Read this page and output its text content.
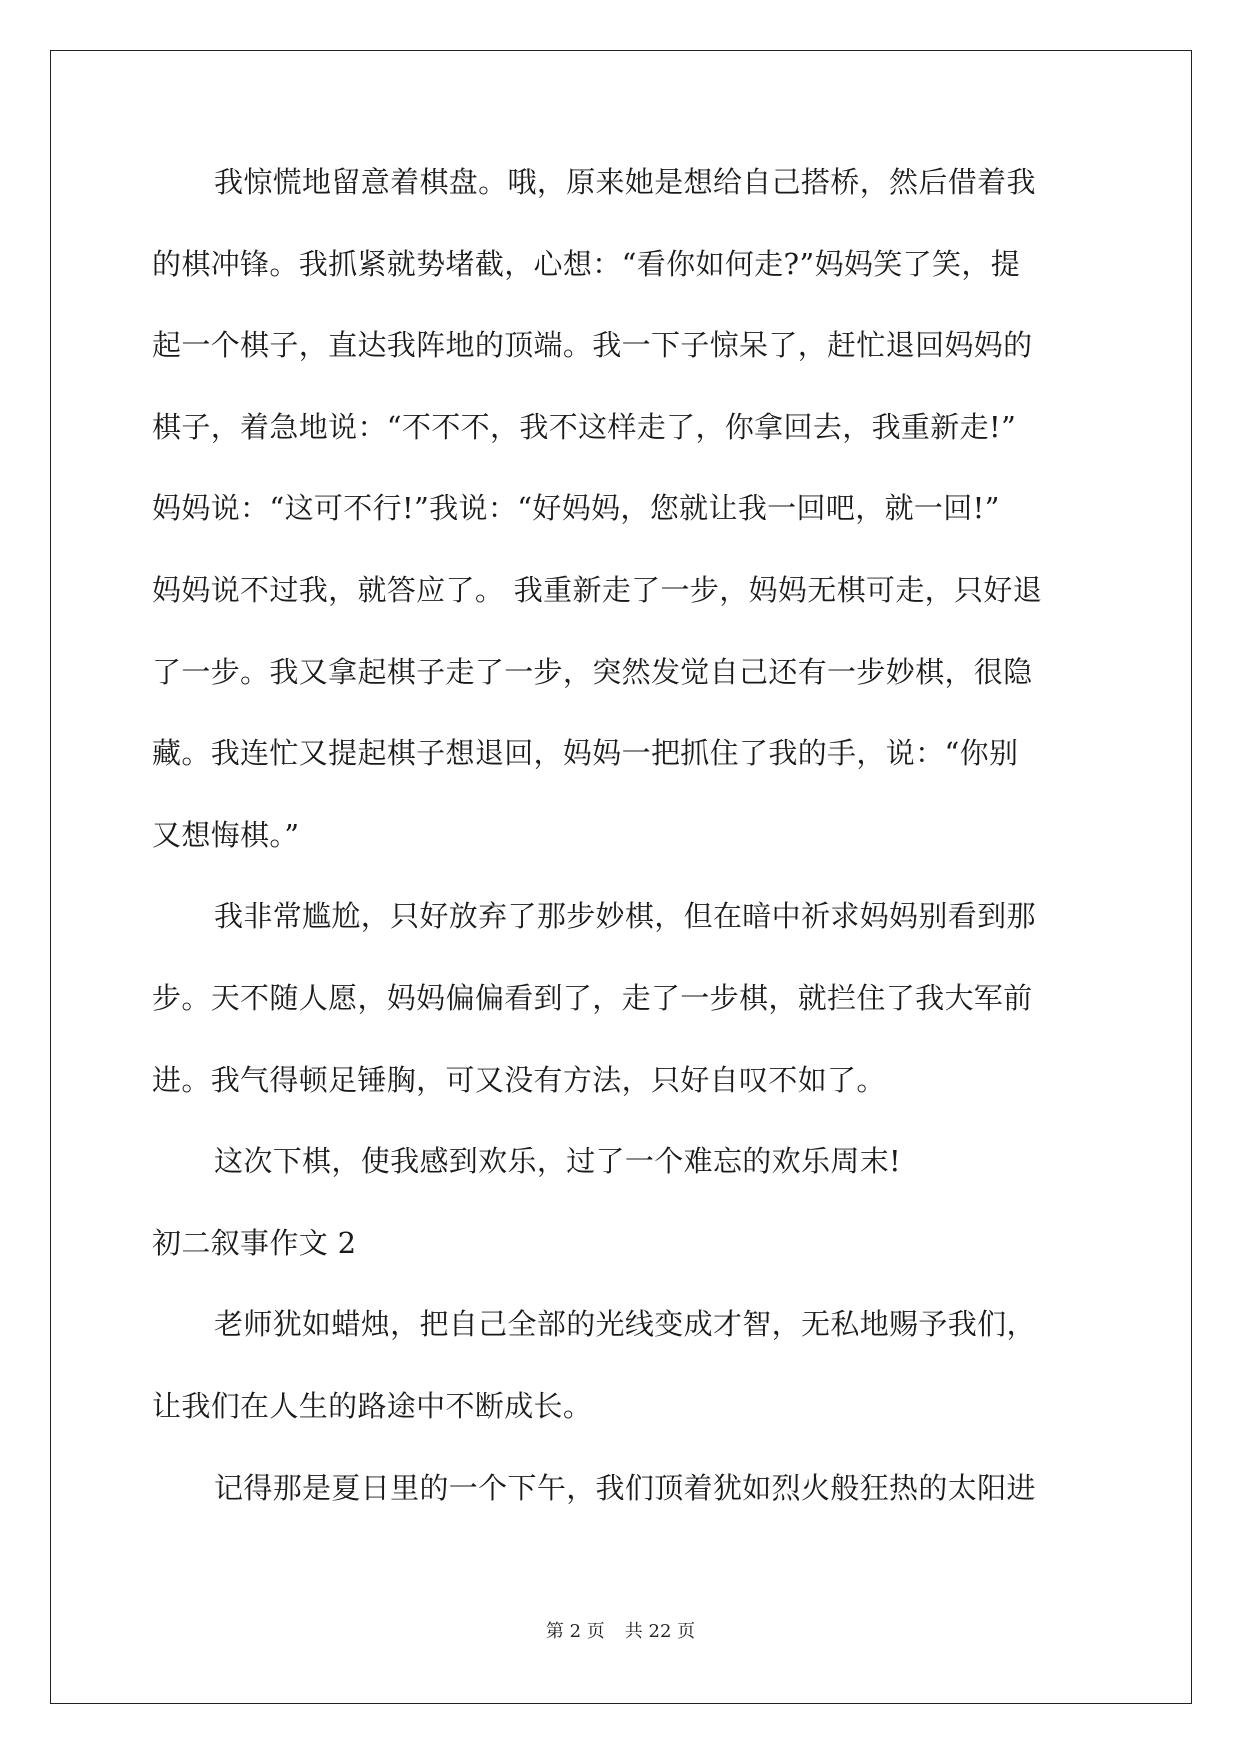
我惊慌地留意着棋盘。哦，原来她是想给自己搭桥，然后借着我
的棋冲锋。我抓紧就势堵截，心想：“看你如何走?”妈妈笑了笑，提
起一个棋子，直达我阵地的顶端。我一下子惊呆了，赶忙退回妈妈的
棋子，着急地说：“不不不，我不这样走了，你拿回去，我重新走!”
妈妈说：“这可不行!”我说：“好妈妈，您就让我一回吧，就一回!”
妈妈说不过我，就答应了。 我重新走了一步，妈妈无棋可走，只好退
了一步。我又拿起棋子走了一步，突然发觉自己还有一步妙棋，很隐
藏。我连忙又提起棋子想退回，妈妈一把抓住了我的手，说：“你别
又想悔棋。”
我非常尴尬，只好放弃了那步妙棋，但在暗中祈求妈妈别看到那
步。天不随人愿，妈妈偏偏看到了，走了一步棋，就拦住了我大军前
进。我气得顿足锤胸，可又没有方法，只好自叹不如了。
这次下棋，使我感到欢乐，过了一个难忘的欢乐周末!
初二叙事作文 2
老师犹如蜡烛，把自己全部的光线变成才智，无私地赐予我们，
让我们在人生的路途中不断成长。
记得那是夏日里的一个下午，我们顶着犹如烈火般狂热的太阳进
第 2 页 共 22 页
